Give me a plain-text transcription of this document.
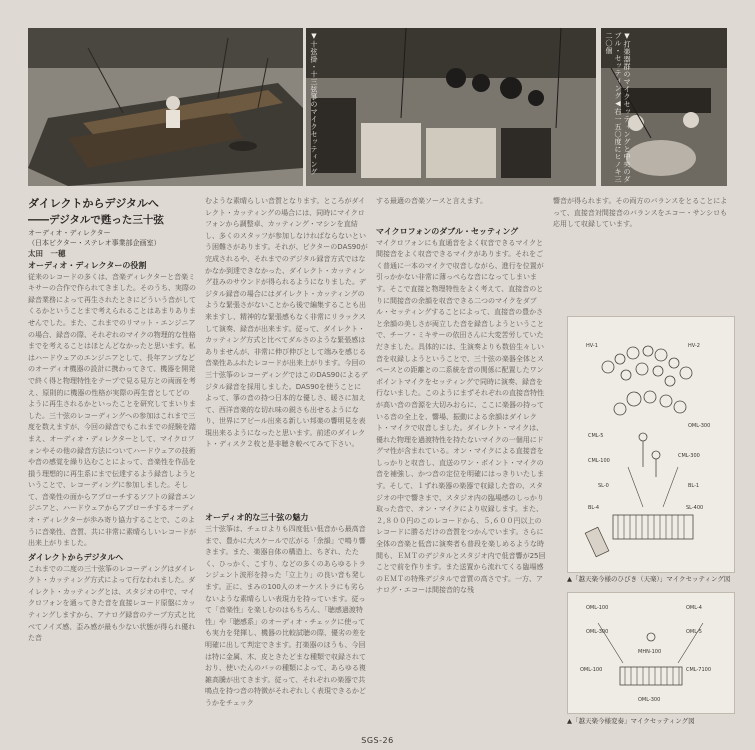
▼十弦掛・十三弦箏のマイクセッティング	▼打楽器群のマイクセッティングと中央のダブル・セッティング◀右一五〇度にヒノキ三二〇個

ダイレクトからデジタルへ

――デジタルで甦った三十弦

オーディオ・ディレクター

（日本ビクター・ステレオ事業部企画室）

太田　一穂

オーディオ・ディレクターの役割

従来のレコードの多くは、音楽ディレクターと音楽ミキサーの合作で作られてきました。そのうち、実際の録音業務によって再生されたときにどういう音がしてくるかということまで考えられることはあまりありませんでした。また、これまでのリマット・エンジニアの場合、録音の際、それぞれのマイクの物理的な性格までを考えることはほとんどなかったと思います。私はハードウェアのエンジニアとして、長年アンプなどのオーディオ機器の設計に携わってきて、機器を開発で終く得と物理特性をテープで見る見方との両面を考え、原則的に機器の性格が実際の再生音としてどのように再生されるかといったことを研究してまいりました。三十弦のレコーディングへの参加はこれまで三度を数えますが、今回の録音でもこれまでの経験を踏まえ、オーディオ・ディレクターとして、マイクロフォンやその他の録音方法についてハードウェアの技術や音の感覚を繰り込むことによって、音楽性を作品を損う理想的に再生系にまで伝達するよう録音しようということで、レコーディングに参加しました。そして、音楽性の面からアプローチするソフトの録音エンジニアと、ハードウェアからアプローチするオーディオ・ディレクターが歩み寄り協力することで、このように音楽性、音質、共に非常に素晴らしいレコードが出来上がりました。

ダイレクトからデジタルへ

これまでの二度の三十弦筝のレコーディングはダイレクト・カッティング方式によって行なわれました。ダイレクト・カッティングとは、スタジオの中で、マイクロフォンを通ってきた音を直接レコード原盤にカッティングしますから、アナログ録音のテープ方式と比べてノイズ感、歪み感が最も少ない状態が得られ優れた音

むような素晴らしい音質となります。ところがダイレクト・カッティングの場合には、同時にマイクロフォンから調整卓、カッティング・マシンを直結し、多くのスタッフが参加しなければならないという困難さがあります。それが、ビクターのDAS90が完成されるや、それまでのデジタル録音方式ではなかなか到達できなかった、ダイレクト・カッティング並みのサウンドが得られるようになりました。デジタル録音の場合にはダイレクト・カッティングのような緊張さがないことから後で編集することも出来ますし、精神的な緊張感もなく非常にリラックスして演奏、録音が出来ます。従って、ダイレクト・カッティング方式と比べてダルさのような緊張感はありませんが、非常に伸び伸びとして端みを感じる音楽性あふれたレコードが出来上がります。今回の三十弦筝のレコーディングではこのDAS90によるデジタル録音を採用しました。DAS90を使うことによって、箏の音の持つ日本的な優しさ、暖さに加えて、西洋音楽的な切れ味の鋭さも出せるようになり、世界にアピール出来る新しい邦楽の響明見を表現出来るようになったと思います。前述のダイレクト・ディスク２枚と是非聴き較べてみて下さい。

オーディオ的な三十弦の魅力

三十弦筝は、チェロよりも四度低い低音から最高音まで、豊かに大スケールで広がる「余韻」で鳴り響きます。また、楽器自体の構造上、ちぎれ、たたく、ひっかく、こすり、などの多くのあらゆるトランジェント波形を持った「立上り」の良い音も発します。正に、まみの100人のオーケストラにも劣らないような素晴らしい表現力を持っています。従って「音楽性」を楽しむのはもちろん、「聴感過渡特性」や「聴感系」のオーディオ・チェックに使っても実力を発揮し、機器の比較試聴の際、優劣の差を明確に出して判定できます。打楽器のほうも、今回は特に金属、木、皮ときたどまな種類で収録されており、使いたんのバッの種類によって、あらゆる複雑高騰が出てきます。従って、それぞれの楽器で共鳴点を持つ音の特徴がそれぞれしく表現できるかどうかをチェック

する最適の音楽ソースと言えます。

マイクロフォンのダブル・セッティング

マイクロフォンにも直通音をよく収音できるマイクと間接音をよく収音できるマイクがあります。それをごく普通に一本のマイクで収音しながら、進行を位置が引っかかない非常に薄っぺらな音になってしまいます。そこで直接と物理特性をよく考えて、直接音のとりに間接音の余韻を収音できる二つのマイクをダブル・セッティングすることによって、直接音の豊かさと余韻の美しさが両立した音を録音しようということで、チーフ・ミキサーの依田さんに大変苦労していただきました。具体的には、生演奏よりも数倍生々しい音を収録しようということで、三十弦の楽器全体とスペースとの距離との二系統を音の関係に配置したワンポイントマイクをセッティングで同時に演奏、録音を行ないました。このようにまずそれぞれの直接音特性が高い音の音源を大切みおらに、ここに楽器の持っている音の全上を、響場、振動による余韻はダイレクト・マイクで収音しました。ダイレクト・マイクは、優れた物理を過渡特性を持たないマイクの一個用にドグマ性が含まれている。オン・マイクによる直接音をしっかりと収音し、直送のワン・ポイント・マイクの音を補強し、かつ音の定位を明確にはっきりいたします。そして、１ずれ楽器の楽器で収録した音の、スタジオの中で響きまで、スタジオ内の臨場感のしっかり取った音で、オン・マイクにより収録します。また、２,８００円のこのレコードから、５,６００円以上のレコードに勝るだけの音質をつかんでいます。さらに全体の音楽と低音に演奏者も普段を楽しめるような時間も、ＥＭＴのデジタルとスタジオ内で低音響が25回ことで前を作ります。また送置から流れてくる臨場感のＥＭＴの特殊デジタルで音質の高さです。一方、アナログ・エコーは間接音的な残

響音が得られます。その両方のバランスをとることによって、直接音対間接音のバランスをエコー・サンシロも応用して収録しています。

HV-1	HV-2
CML-5
OML-300
CML-100
CML-300
SL-0	BL-1
BL-4	SL-400
▲「越天楽今様のひびき（天楽）」マイクセッティング図
OML-100	OML-4
OML-300	OML-5
MHN-100
OML-100	CML-7100
OML-300
▲「越天楽今様変奏」マイクセッティング図
SGS-26
